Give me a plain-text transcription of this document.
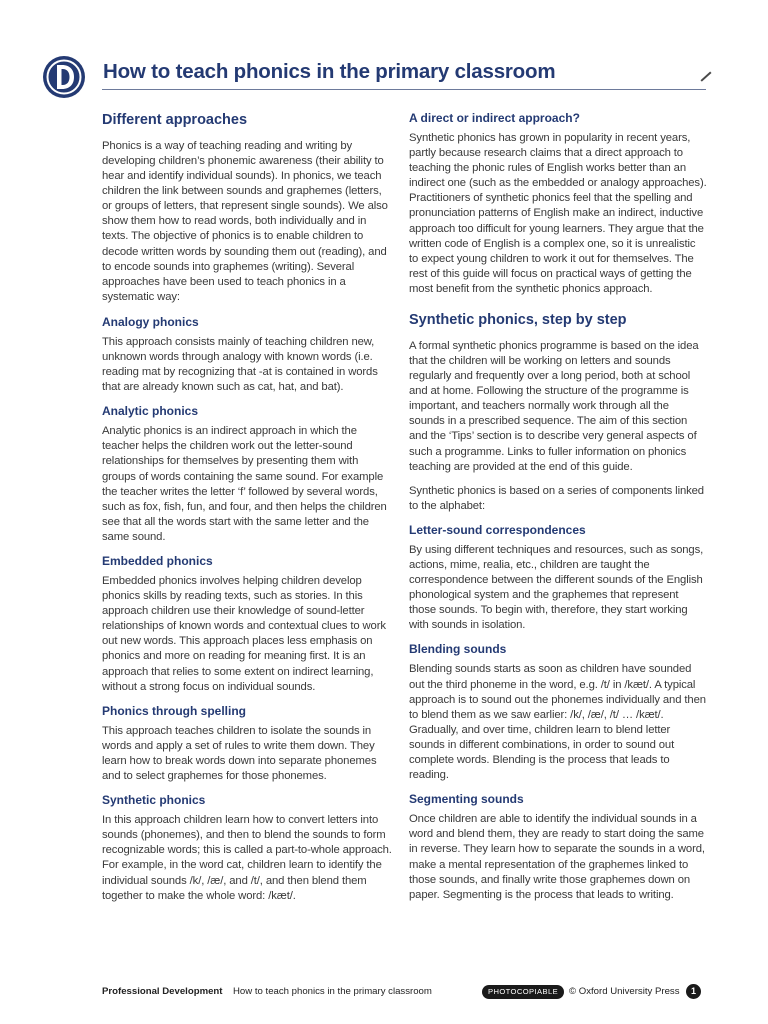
How to teach phonics in the primary classroom
Different approaches

Phonics is a way of teaching reading and writing by developing children’s phonemic awareness (their ability to hear and identify individual sounds). In phonics, we teach children the link between sounds and graphemes (letters, or groups of letters, that represent single sounds). We also show them how to read words, both individually and in texts. The objective of phonics is to enable children to decode written words by sounding them out (reading), and to encode sounds into graphemes (writing). Several approaches have been used to teach phonics in a systematic way:

Analogy phonics

This approach consists mainly of teaching children new, unknown words through analogy with known words (i.e. reading mat by recognizing that -at is contained in words that are already known such as cat, hat, and bat).

Analytic phonics

Analytic phonics is an indirect approach in which the teacher helps the children work out the letter-sound relationships for themselves by presenting them with groups of words containing the same sound. For example the teacher writes the letter ‘f’ followed by several words, such as fox, fish, fun, and four, and then helps the children see that all the words start with the same letter and the same sound.

Embedded phonics

Embedded phonics involves helping children develop phonics skills by reading texts, such as stories. In this approach children use their knowledge of sound-letter relationships of known words and contextual clues to work out new words. This approach places less emphasis on phonics and more on reading for meaning first. It is an approach that relies to some extent on indirect learning, without a strong focus on individual sounds.

Phonics through spelling

This approach teaches children to isolate the sounds in words and apply a set of rules to write them down. They learn how to break words down into separate phonemes and to select graphemes for those phonemes.

Synthetic phonics

In this approach children learn how to convert letters into sounds (phonemes), and then to blend the sounds to form recognizable words; this is called a part-to-whole approach. For example, in the word cat, children learn to identify the individual sounds /k/, /æ/, and /t/, and then blend them together to make the whole word: /kæt/.

A direct or indirect approach?

Synthetic phonics has grown in popularity in recent years, partly because research claims that a direct approach to teaching the phonic rules of English works better than an indirect one (such as the embedded or analogy approaches). Practitioners of synthetic phonics feel that the spelling and pronunciation patterns of English make an indirect, inductive approach too difficult for young learners. They argue that the written code of English is a complex one, so it is unrealistic to expect young children to work it out for themselves. The rest of this guide will focus on practical ways of getting the most benefit from the synthetic phonics approach.

Synthetic phonics, step by step

A formal synthetic phonics programme is based on the idea that the children will be working on letters and sounds regularly and frequently over a long period, both at school and at home. Following the structure of the programme is important, and teachers normally work through all the sounds in a prescribed sequence. The aim of this section and the ‘Tips’ section is to describe very general aspects of such a programme. Links to fuller information on phonics teaching are provided at the end of this guide.

Synthetic phonics is based on a series of components linked to the alphabet:

Letter-sound correspondences

By using different techniques and resources, such as songs, actions, mime, realia, etc., children are taught the correspondence between the different sounds of the English phonological system and the graphemes that represent those sounds. To begin with, therefore, they start working with sounds in isolation.

Blending sounds

Blending sounds starts as soon as children have sounded out the third phoneme in the word, e.g. /t/ in /kæt/. A typical approach is to sound out the phonemes individually and then to blend them as we saw earlier: /k/, /æ/, /t/ … /kæt/. Gradually, and over time, children learn to blend letter sounds in different combinations, in order to sound out complete words. Blending is the process that leads to reading.

Segmenting sounds

Once children are able to identify the individual sounds in a word and blend them, they are ready to start doing the same in reverse. They learn how to separate the sounds in a word, make a mental representation of the graphemes linked to those sounds, and finally write those graphemes down on paper. Segmenting is the process that leads to writing.

Professional Development How to teach phonics in the primary classroom	PHOTOCOPIABLE	© Oxford University Press	1
